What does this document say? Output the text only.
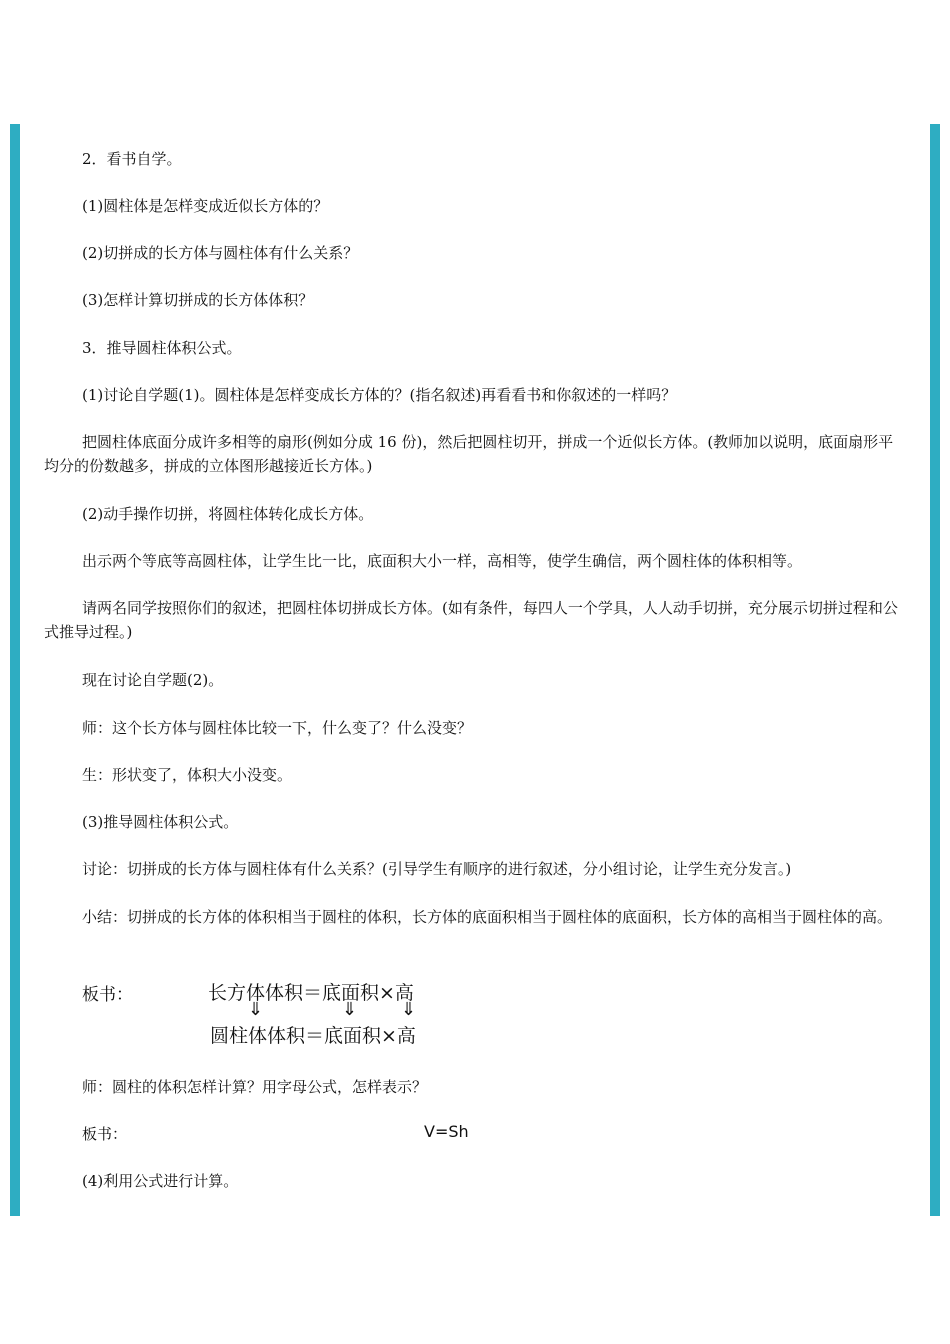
2．看书自学。
(1)圆柱体是怎样变成近似长方体的？
(2)切拼成的长方体与圆柱体有什么关系？
(3)怎样计算切拼成的长方体体积？
3．推导圆柱体积公式。
(1)讨论自学题(1)。圆柱体是怎样变成长方体的？(指名叙述)再看看书和你叙述的一样吗？
把圆柱体底面分成许多相等的扇形(例如分成 16 份)，然后把圆柱切开，拼成一个近似长方体。(教师加以说明，底面扇形平均分的份数越多，拼成的立体图形越接近长方体。)
(2)动手操作切拼，将圆柱体转化成长方体。
出示两个等底等高圆柱体，让学生比一比，底面积大小一样，高相等，使学生确信，两个圆柱体的体积相等。
请两名同学按照你们的叙述，把圆柱体切拼成长方体。(如有条件，每四人一个学具，人人动手切拼，充分展示切拼过程和公式推导过程。)
现在讨论自学题(2)。
师：这个长方体与圆柱体比较一下，什么变了？什么没变？
生：形状变了，体积大小没变。
(3)推导圆柱体积公式。
讨论：切拼成的长方体与圆柱体有什么关系？(引导学生有顺序的进行叙述，分小组讨论，让学生充分发言。)
小结：切拼成的长方体的体积相当于圆柱的体积，长方体的底面积相当于圆柱体的底面积，长方体的高相当于圆柱体的高。
板书：	长方体体积＝底面积×高
⇓	⇓ ⇓
圆柱体体积＝底面积×高
师：圆柱的体积怎样计算？用字母公式，怎样表示？
板书：	V=Sh
(4)利用公式进行计算。
